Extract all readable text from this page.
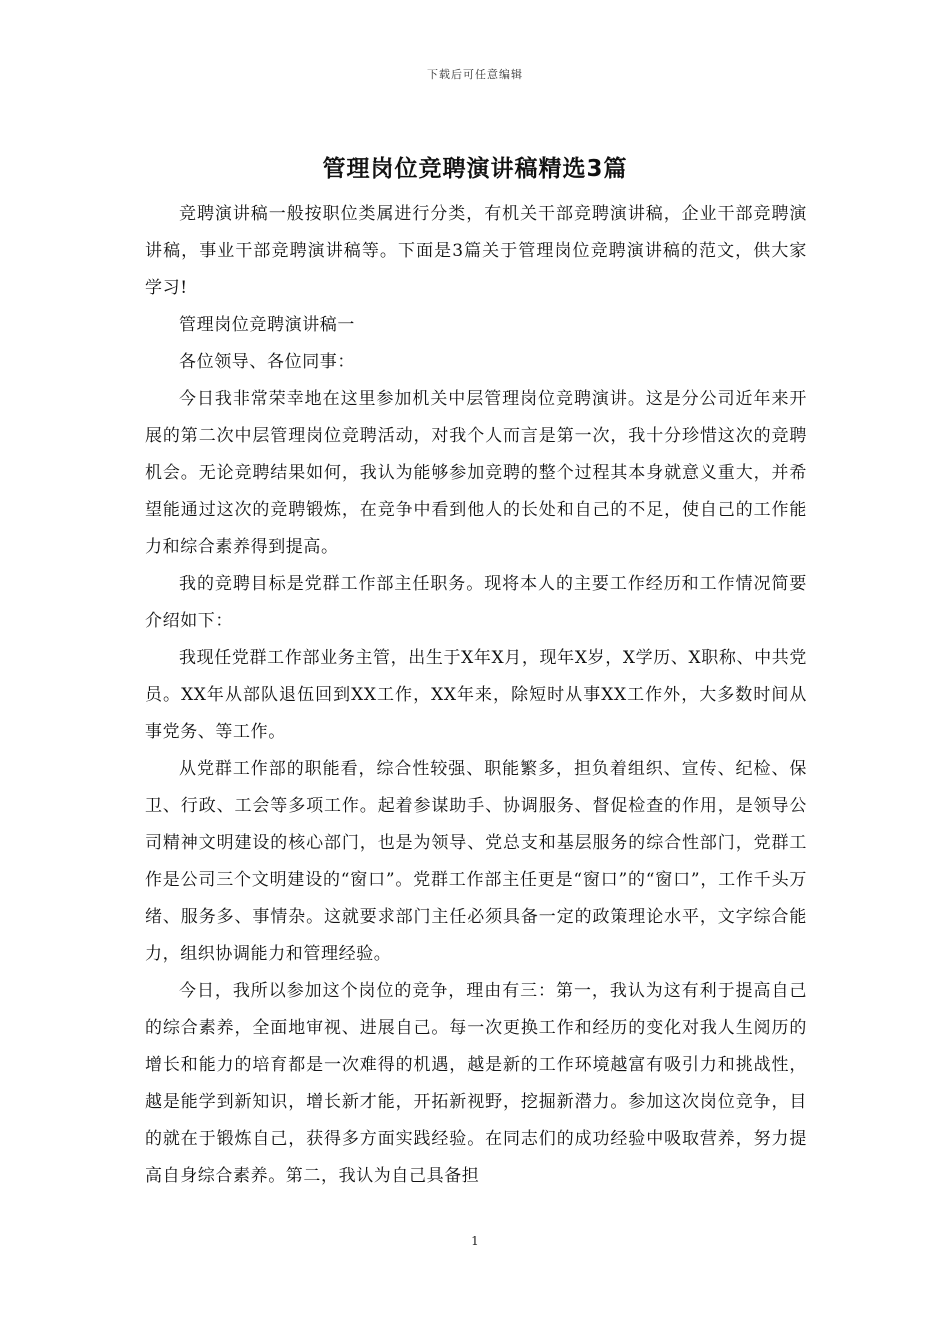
下载后可任意编辑
管理岗位竞聘演讲稿精选3篇

竞聘演讲稿一般按职位类属进行分类，有机关干部竞聘演讲稿，企业干部竞聘演讲稿，事业干部竞聘演讲稿等。下面是3篇关于管理岗位竞聘演讲稿的范文，供大家学习!

管理岗位竞聘演讲稿一

各位领导、各位同事：

今日我非常荣幸地在这里参加机关中层管理岗位竞聘演讲。这是分公司近年来开展的第二次中层管理岗位竞聘活动，对我个人而言是第一次，我十分珍惜这次的竞聘机会。无论竞聘结果如何，我认为能够参加竞聘的整个过程其本身就意义重大，并希望能通过这次的竞聘锻炼，在竞争中看到他人的长处和自己的不足，使自己的工作能力和综合素养得到提高。

我的竞聘目标是党群工作部主任职务。现将本人的主要工作经历和工作情况简要介绍如下：

我现任党群工作部业务主管，出生于X年X月，现年X岁，X学历、X职称、中共党员。XX年从部队退伍回到XX工作，XX年来，除短时从事XX工作外，大多数时间从事党务、等工作。

从党群工作部的职能看，综合性较强、职能繁多，担负着组织、宣传、纪检、保卫、行政、工会等多项工作。起着参谋助手、协调服务、督促检查的作用，是领导公司精神文明建设的核心部门，也是为领导、党总支和基层服务的综合性部门，党群工作是公司三个文明建设的“窗口”。党群工作部主任更是“窗口”的“窗口”，工作千头万绪、服务多、事情杂。这就要求部门主任必须具备一定的政策理论水平，文字综合能力，组织协调能力和管理经验。

今日，我所以参加这个岗位的竞争，理由有三：第一，我认为这有利于提高自己的综合素养，全面地审视、进展自己。每一次更换工作和经历的变化对我人生阅历的增长和能力的培育都是一次难得的机遇，越是新的工作环境越富有吸引力和挑战性，越是能学到新知识，增长新才能，开拓新视野，挖掘新潜力。参加这次岗位竞争，目的就在于锻炼自己，获得多方面实践经验。在同志们的成功经验中吸取营养，努力提高自身综合素养。第二，我认为自己具备担

1
